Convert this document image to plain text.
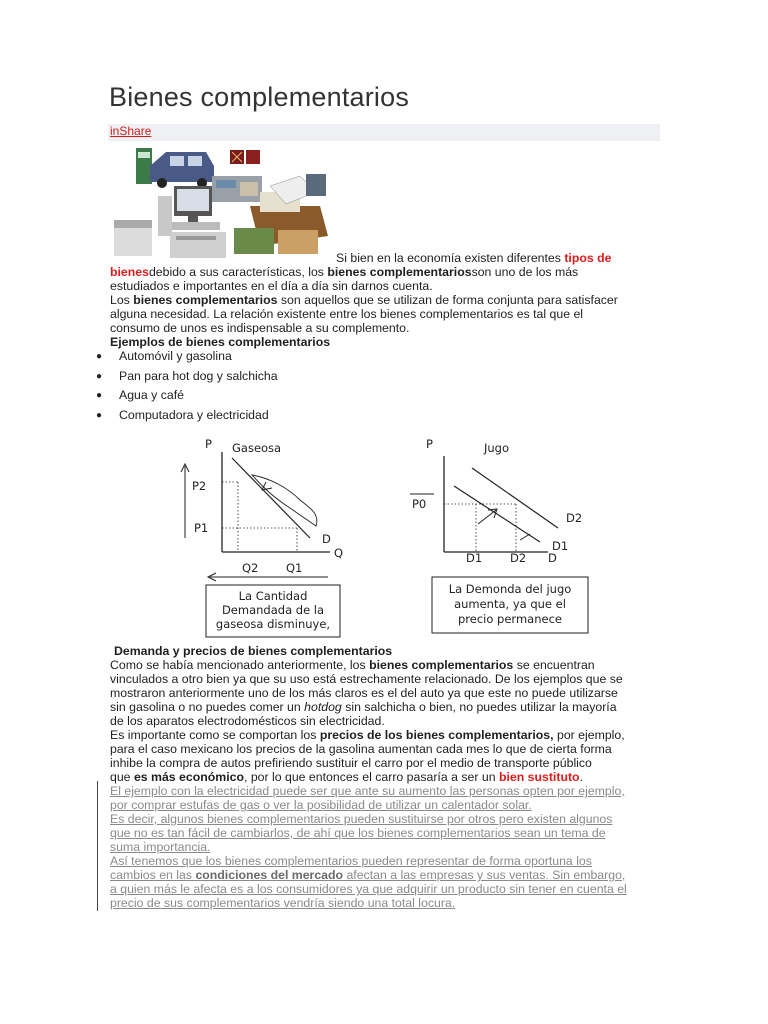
Bienes complementarios
inShare
Si bien en la economía existen diferentes tipos de
bienesdebido a sus características, los bienes complementariosson uno de los más
estudiados e importantes en el día a día sin darnos cuenta.
Los bienes complementarios son aquellos que se utilizan de forma conjunta para satisfacer
alguna necesidad. La relación existente entre los bienes complementarios es tal que el
consumo de unos es indispensable a su complemento.
Ejemplos de bienes complementarios
● Automóvil y gasolina
● Pan para hot dog y salchicha
● Agua y café
● Computadora y electricidad
P Gaseosa
P2
P1
D
Q
Q2 Q1
La Cantidad
Demandada de la
gaseosa disminuye,
P	Jugo
P0
D2
D1
D1 D2 D
La Demonda del jugo
aumenta, ya que el
precio permanece
Demanda y precios de bienes complementarios
Como se había mencionado anteriormente, los bienes complementarios se encuentran
vinculados a otro bien ya que su uso está estrechamente relacionado. De los ejemplos que se
mostraron anteriormente uno de los más claros es el del auto ya que este no puede utilizarse
sin gasolina o no puedes comer un hotdog sin salchicha o bien, no puedes utilizar la mayoría
de los aparatos electrodomésticos sin electricidad.
Es importante como se comportan los precios de los bienes complementarios, por ejemplo,
para el caso mexicano los precios de la gasolina aumentan cada mes lo que de cierta forma
inhibe la compra de autos prefiriendo sustituir el carro por el medio de transporte público
que es más económico, por lo que entonces el carro pasaría a ser un bien sustituto.
El ejemplo con la electricidad puede ser que ante su aumento las personas opten por ejemplo,
por comprar estufas de gas o ver la posibilidad de utilizar un calentador solar.
Es decir, algunos bienes complementarios pueden sustituirse por otros pero existen algunos
que no es tan fácil de cambiarlos, de ahí que los bienes complementarios sean un tema de
suma importancia.
Así tenemos que los bienes complementarios pueden representar de forma oportuna los
cambios en las condiciones del mercado afectan a las empresas y sus ventas. Sin embargo,
a quien más le afecta es a los consumidores ya que adquirir un producto sin tener en cuenta el
precio de sus complementarios vendría siendo una total locura.
